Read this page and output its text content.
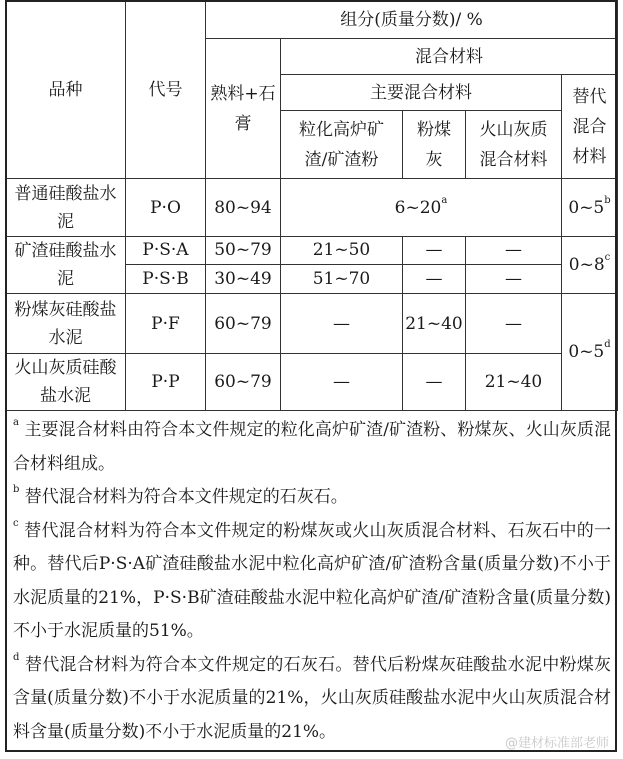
品种	代号	组分(质量分数)/ %				
		熟料+石膏	混合材料			
			主要混合材料			替代混合材料
			粒化高炉矿渣/矿渣粉	粉煤灰	火山灰质混合材料	
普通硅酸盐水泥	P·O	80~94	6~20$^a$			0~5$^b$
矿渣硅酸盐水泥	P·S·A	50~79	21~50	—	—	0~8$^c$
	P·S·B	30~49	51~70	—	—	
粉煤灰硅酸盐水泥	P·F	60~79	—	21~40	—	0~5$^d$
火山灰质硅酸盐水泥	P·P	60~79	—	—	21~40	

$^a$ 主要混合材料由符合本文件规定的粒化高炉矿渣/矿渣粉、粉煤灰、火山灰质混合材料组成。

$^b$ 替代混合材料为符合本文件规定的石灰石。

$^c$ 替代混合材料为符合本文件规定的粉煤灰或火山灰质混合材料、石灰石中的一种。替代后P·S·A矿渣硅酸盐水泥中粒化高炉矿渣/矿渣粉含量(质量分数)不小于水泥质量的21%，P·S·B矿渣硅酸盐水泥中粒化高炉矿渣/矿渣粉含量(质量分数)不小于水泥质量的51%。

$^d$ 替代混合材料为符合本文件规定的石灰石。替代后粉煤灰硅酸盐水泥中粉煤灰含量(质量分数)不小于水泥质量的21%，火山灰质硅酸盐水泥中火山灰质混合材料含量(质量分数)不小于水泥质量的21%。

@建材标准部老师
